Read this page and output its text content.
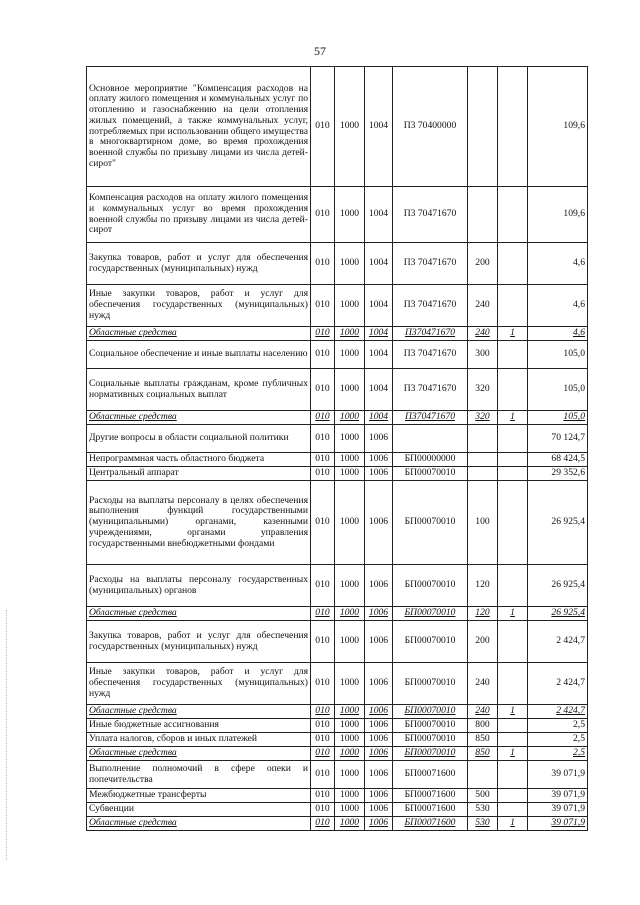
57
Основное мероприятие "Компенсация расходов на оплату жилого помещения и коммунальных услуг по отоплению и газоснабжению на цели отопления жилых помещений, а также коммунальных услуг, потребляемых при использовании общего имущества в многоквартирном доме, во время прохождения военной службы по призыву лицами из числа детей-сирот"	010	1000	1004	П3 70400000			109,6
Компенсация расходов на оплату жилого помещения и коммунальных услуг во время прохождения военной службы по призыву лицами из числа детей-сирот	010	1000	1004	П3 70471670			109,6
Закупка товаров, работ и услуг для обеспечения государственных (муниципальных) нужд	010	1000	1004	П3 70471670	200		4,6
Иные закупки товаров, работ и услуг для обеспечения государственных (муниципальных) нужд	010	1000	1004	П3 70471670	240		4,6
Областные средства	010	1000	1004	П370471670	240	1	4,6
Социальное обеспечение и иные выплаты населению	010	1000	1004	П3 70471670	300		105,0
Социальные выплаты гражданам, кроме публичных нормативных социальных выплат	010	1000	1004	П3 70471670	320		105,0
Областные средства	010	1000	1004	П370471670	320	1	105,0
Другие вопросы в области социальной политики	010	1000	1006				70 124,7
Непрограммная часть областного бюджета	010	1000	1006	БП00000000			68 424,5
Центральный аппарат	010	1000	1006	БП00070010			29 352,6
Расходы на выплаты персоналу в целях обеспечения выполнения функций государственными (муниципальными) органами, казенными учреждениями, органами управления государственными внебюджетными фондами	010	1000	1006	БП00070010	100		26 925,4
Расходы на выплаты персоналу государственных (муниципальных) органов	010	1000	1006	БП00070010	120		26 925,4
Областные средства	010	1000	1006	БП00070010	120	1	26 925,4
Закупка товаров, работ и услуг для обеспечения государственных (муниципальных) нужд	010	1000	1006	БП00070010	200		2 424,7
Иные закупки товаров, работ и услуг для обеспечения государственных (муниципальных) нужд	010	1000	1006	БП00070010	240		2 424,7
Областные средства	010	1000	1006	БП00070010	240	1	2 424,7
Иные бюджетные ассигнования	010	1000	1006	БП00070010	800		2,5
Уплата налогов, сборов и иных платежей	010	1000	1006	БП00070010	850		2,5
Областные средства	010	1000	1006	БП00070010	850	1	2,5
Выполнение полномочий в сфере опеки и попечительства	010	1000	1006	БП00071600			39 071,9
Межбюджетные трансферты	010	1000	1006	БП00071600	500		39 071,9
Субвенции	010	1000	1006	БП00071600	530		39 071,9
Областные средства	010	1000	1006	БП00071600	530	1	39 071,9
